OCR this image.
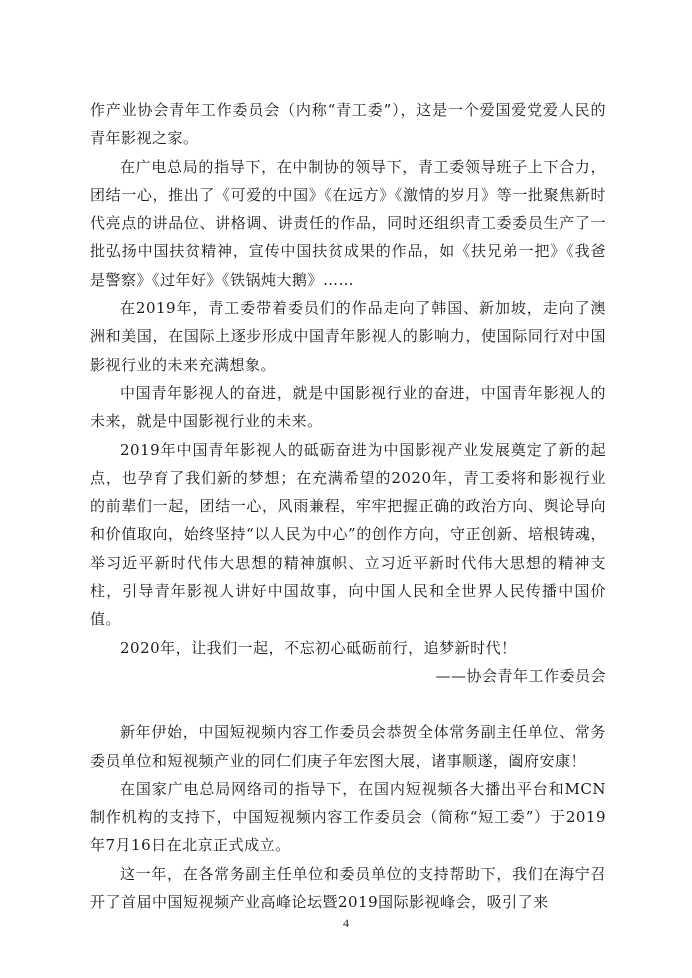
作产业协会青年工作委员会（内称“青工委”），这是一个爱国爱党爱人民的青年影视之家。

在广电总局的指导下，在中制协的领导下，青工委领导班子上下合力，团结一心，推出了《可爱的中国》《在远方》《激情的岁月》等一批聚焦新时代亮点的讲品位、讲格调、讲责任的作品，同时还组织青工委委员生产了一批弘扬中国扶贫精神，宣传中国扶贫成果的作品，如《扶兄弟一把》《我爸是警察》《过年好》《铁锅炖大鹅》……

在2019年，青工委带着委员们的作品走向了韩国、新加坡，走向了澳洲和美国，在国际上逐步形成中国青年影视人的影响力，使国际同行对中国影视行业的未来充满想象。

中国青年影视人的奋进，就是中国影视行业的奋进，中国青年影视人的未来，就是中国影视行业的未来。

2019年中国青年影视人的砥砺奋进为中国影视产业发展奠定了新的起点，也孕育了我们新的梦想；在充满希望的2020年，青工委将和影视行业的前辈们一起，团结一心，风雨兼程，牢牢把握正确的政治方向、舆论导向和价值取向，始终坚持“以人民为中心”的创作方向，守正创新、培根铸魂，举习近平新时代伟大思想的精神旗帜、立习近平新时代伟大思想的精神支柱，引导青年影视人讲好中国故事，向中国人民和全世界人民传播中国价值。

2020年，让我们一起，不忘初心砥砺前行，追梦新时代！

——协会青年工作委员会

新年伊始，中国短视频内容工作委员会恭贺全体常务副主任单位、常务委员单位和短视频产业的同仁们庚子年宏图大展，诸事顺遂，阖府安康！

在国家广电总局网络司的指导下，在国内短视频各大播出平台和MCN制作机构的支持下，中国短视频内容工作委员会（简称“短工委”）于2019年7月16日在北京正式成立。

这一年，在各常务副主任单位和委员单位的支持帮助下，我们在海宁召开了首届中国短视频产业高峰论坛暨2019国际影视峰会，吸引了来

4
